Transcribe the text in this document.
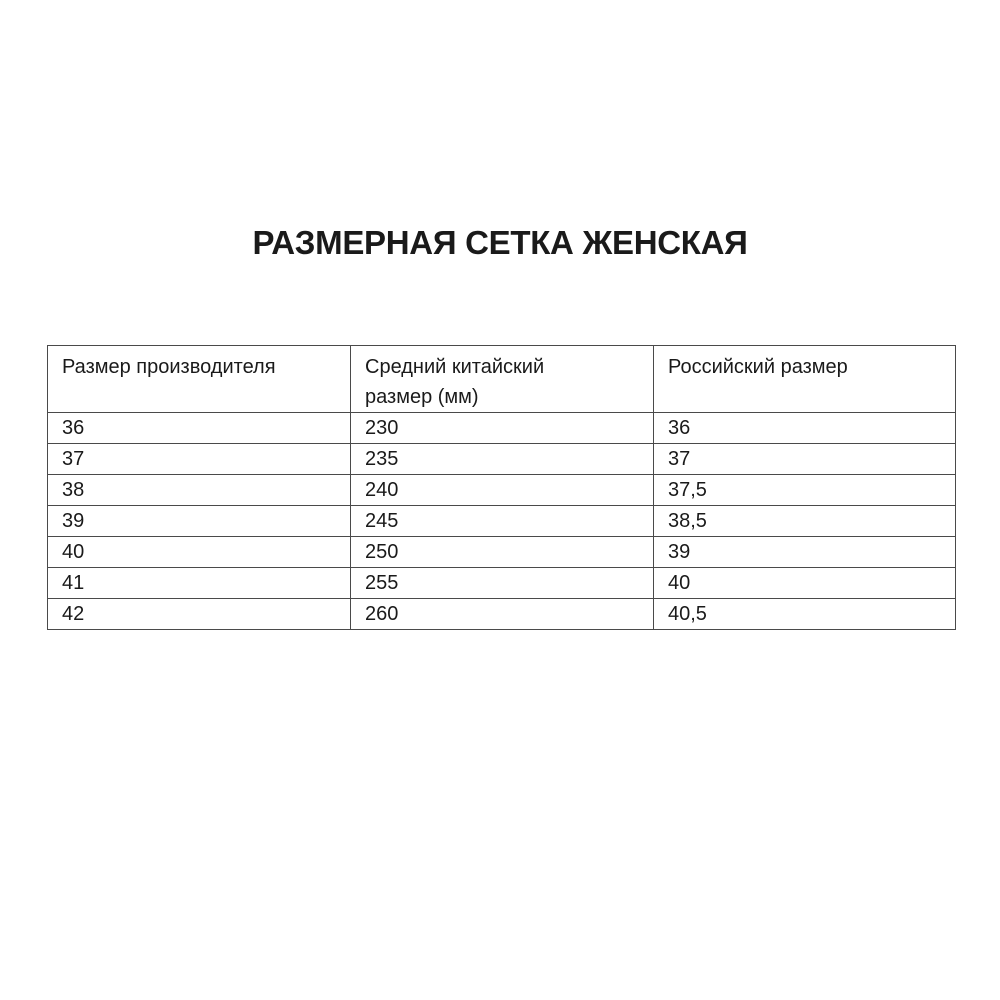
РАЗМЕРНАЯ СЕТКА ЖЕНСКАЯ
Размер производителя	Средний китайский размер (мм)	Российский размер
36	230	36
37	235	37
38	240	37,5
39	245	38,5
40	250	39
41	255	40
42	260	40,5
